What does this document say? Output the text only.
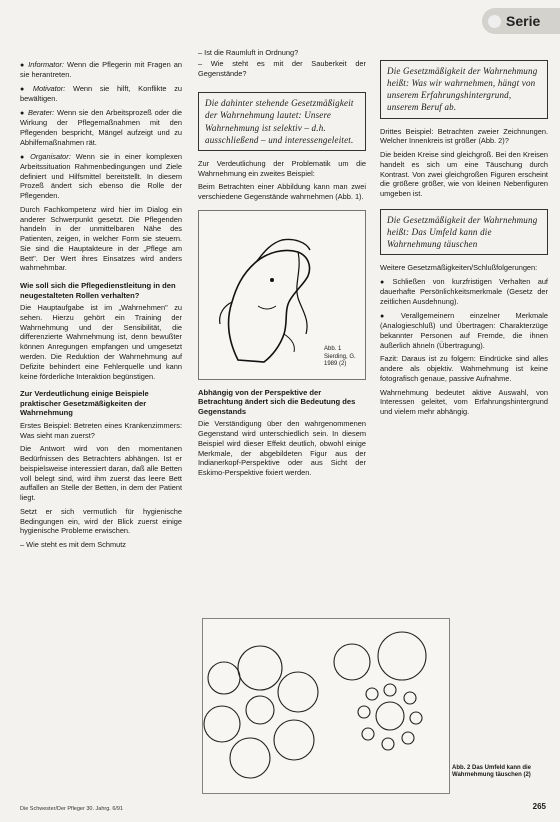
Serie

● Informator: Wenn die Pflegerin mit Fragen an sie herantreten.

● Motivator: Wenn sie hilft, Konflikte zu bewältigen.

● Berater: Wenn sie den Arbeitsprozeß oder die Wirkung der Pflegemaßnahmen mit den Pflegenden bespricht, Mängel aufzeigt und zu Abhilfemaßnahmen rät.

● Organisator: Wenn sie in einer komplexen Arbeitssituation Rahmenbedingungen und Ziele definiert und Hilfsmittel bereitstellt. In diesem Prozeß ändert sich ebenso die Rolle der Pflegenden.

Durch Fachkompetenz wird hier im Dialog ein anderer Schwerpunkt gesetzt. Die Pflegenden handeln in der unmittelbaren Nähe des Patienten, zeigen, in welcher Form sie steuern. Sie sind die Hauptakteure in der „Pflege am Bett". Der Wert ihres Einsatzes wird anders wahrnehmbar.

Wie soll sich die Pflegedienstleitung in den neugestalteten Rollen verhalten?

Die Hauptaufgabe ist im „Wahrnehmen" zu sehen. Hierzu gehört ein Training der Wahrnehmung und der Sensibilität, die differenzierte Wahrnehmung ist, denn bewußter können Anregungen empfangen und umgesetzt werden. Die Reduktion der Wahrnehmung auf Defizite behindert eine Fehlerquelle und kann keine förderliche Interaktion begünstigen.

Zur Verdeutlichung einige Beispiele praktischer Gesetzmäßigkeiten der Wahrnehmung

Erstes Beispiel: Betreten eines Krankenzimmers: Was sieht man zuerst?

Die Antwort wird von den momentanen Bedürfnissen des Betrachters abhängen. Ist er beispielsweise interessiert daran, daß alle Betten voll belegt sind, wird ihm zuerst das leere Bett auffallen an Stelle der Betten, in dem der Patient liegt.

Setzt er sich vermutlich für hygienische Bedingungen ein, wird der Blick zuerst einige hygienische Probleme erwischen.

– Wie steht es mit dem Schmutz

– Ist die Raumluft in Ordnung?

– Wie steht es mit der Sauberkeit der Gegenstände?

Die dahinter stehende Gesetzmäßigkeit der Wahrnehmung lautet: Unsere Wahrnehmung ist selektiv – d.h. ausschließend – und interessengeleitet.

Zur Verdeutlichung der Problematik um die Wahrnehmung ein zweites Beispiel:

Beim Betrachten einer Abbildung kann man zwei verschiedene Gegenstände wahrnehmen (Abb. 1).

Abb. 1 Sierding, G. 1989 (2)
Abhängig von der Perspektive der Betrachtung ändert sich die Bedeutung des Gegenstands

Die Verständigung über den wahrgenommenen Gegenstand wird unterschiedlich sein. In diesem Beispiel wird dieser Effekt deutlich, obwohl einige Merkmale, der abgebildeten Figur aus der Indianerkopf-Perspektive oder aus Sicht der Eskimo-Perspektive fixiert werden.

Die Gesetzmäßigkeit der Wahrnehmung heißt: Was wir wahrnehmen, hängt von unserem Erfahrungshintergrund, unserem Beruf ab.

Drittes Beispiel: Betrachten zweier Zeichnungen. Welcher Innenkreis ist größer (Abb. 2)?

Die beiden Kreise sind gleichgroß. Bei den Kreisen handelt es sich um eine Täuschung durch Kontrast. Von zwei gleichgroßen Figuren erscheint die größere größer, wie von kleinen Nebenfiguren umgeben ist.

Die Gesetzmäßigkeit der Wahrnehmung heißt: Das Umfeld kann die Wahrnehmung täuschen

Weitere Gesetzmäßigkeiten/Schlußfolgerungen:

● Schließen von kurzfristigen Verhalten auf dauerhafte Persönlichkeitsmerkmale (Gesetz der zeitlichen Ausdehnung).

● Verallgemeinern einzelner Merkmale (Analogieschluß) und Übertragen: Charakterzüge bekannter Personen auf Fremde, die ihnen äußerlich ähneln (Übertragung).

Fazit: Daraus ist zu folgern: Eindrücke sind alles andere als objektiv. Wahrnehmung ist keine fotografisch genaue, passive Aufnahme.

Wahrnehmung bedeutet aktive Auswahl, von Interessen geleitet, vom Erfahrungshintergrund und vielem mehr abhängig.

Abb. 2 Das Umfeld kann die Wahrnehmung täuschen (2)
Die Schwester/Der Pfleger 30. Jahrg. 6/91	265
